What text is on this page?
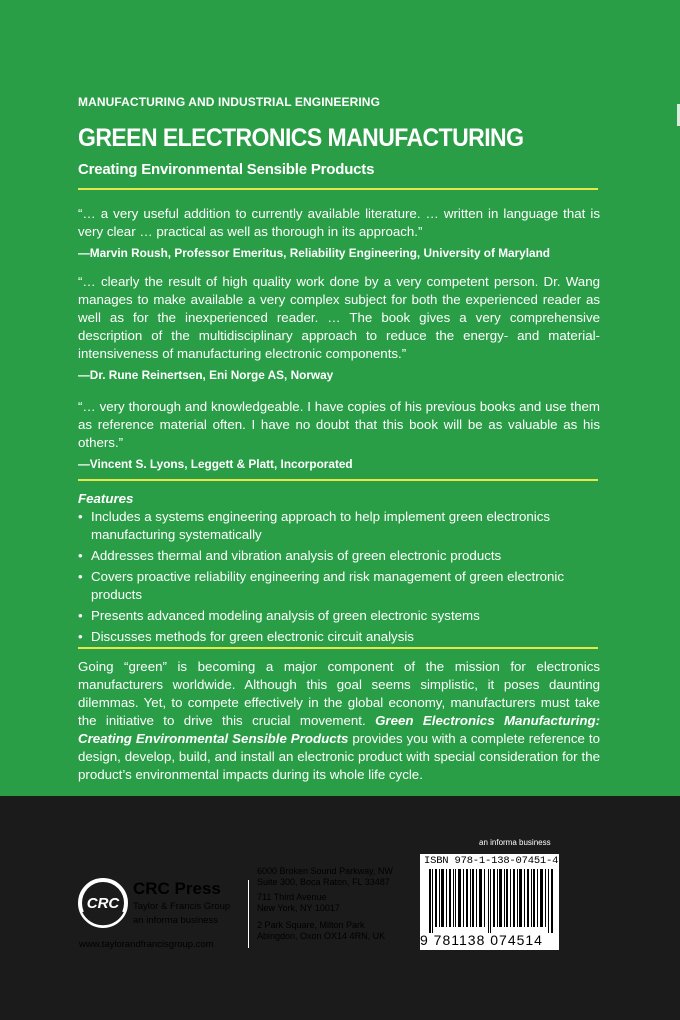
MANUFACTURING AND INDUSTRIAL ENGINEERING
GREEN ELECTRONICS MANUFACTURING
Creating Environmental Sensible Products

“… a very useful addition to currently available literature. … written in language that is very clear … practical as well as thorough in its approach.”

—Marvin Roush, Professor Emeritus, Reliability Engineering, University of Maryland

“… clearly the result of high quality work done by a very competent person. Dr. Wang manages to make available a very complex subject for both the experienced reader as well as for the inexperienced reader. … The book gives a very comprehensive description of the multidisciplinary approach to reduce the energy- and material-intensiveness of manufacturing electronic components.”

—Dr. Rune Reinertsen, Eni Norge AS, Norway

“… very thorough and knowledgeable. I have copies of his previous books and use them as reference material often. I have no doubt that this book will be as valuable as his others.”

—Vincent S. Lyons, Leggett & Platt, Incorporated

Features
• Includes a systems engineering approach to help implement green electronics manufacturing systematically
• Addresses thermal and vibration analysis of green electronic products
• Covers proactive reliability engineering and risk management of green electronic products
• Presents advanced modeling analysis of green electronic systems
• Discusses methods for green electronic circuit analysis

Going “green” is becoming a major component of the mission for electronics manufacturers worldwide. Although this goal seems simplistic, it poses daunting dilemmas. Yet, to compete effectively in the global economy, manufacturers must take the initiative to drive this crucial movement. Green Electronics Manufacturing: Creating Environmental Sensible Products provides you with a complete reference to design, develop, build, and install an electronic product with special consideration for the product’s environmental impacts during its whole life cycle.

an informa business
CRC
CRC Press
Taylor & Francis Group
an informa business
www.taylorandfrancisgroup.com
6000 Broken Sound Parkway, NW
Suite 300, Boca Raton, FL 33487
711 Third Avenue
New York, NY 10017
2 Park Square, Milton Park
Abingdon, Oxon OX14 4RN, UK
ISBN 978-1-138-07451-4
9 781138 074514
